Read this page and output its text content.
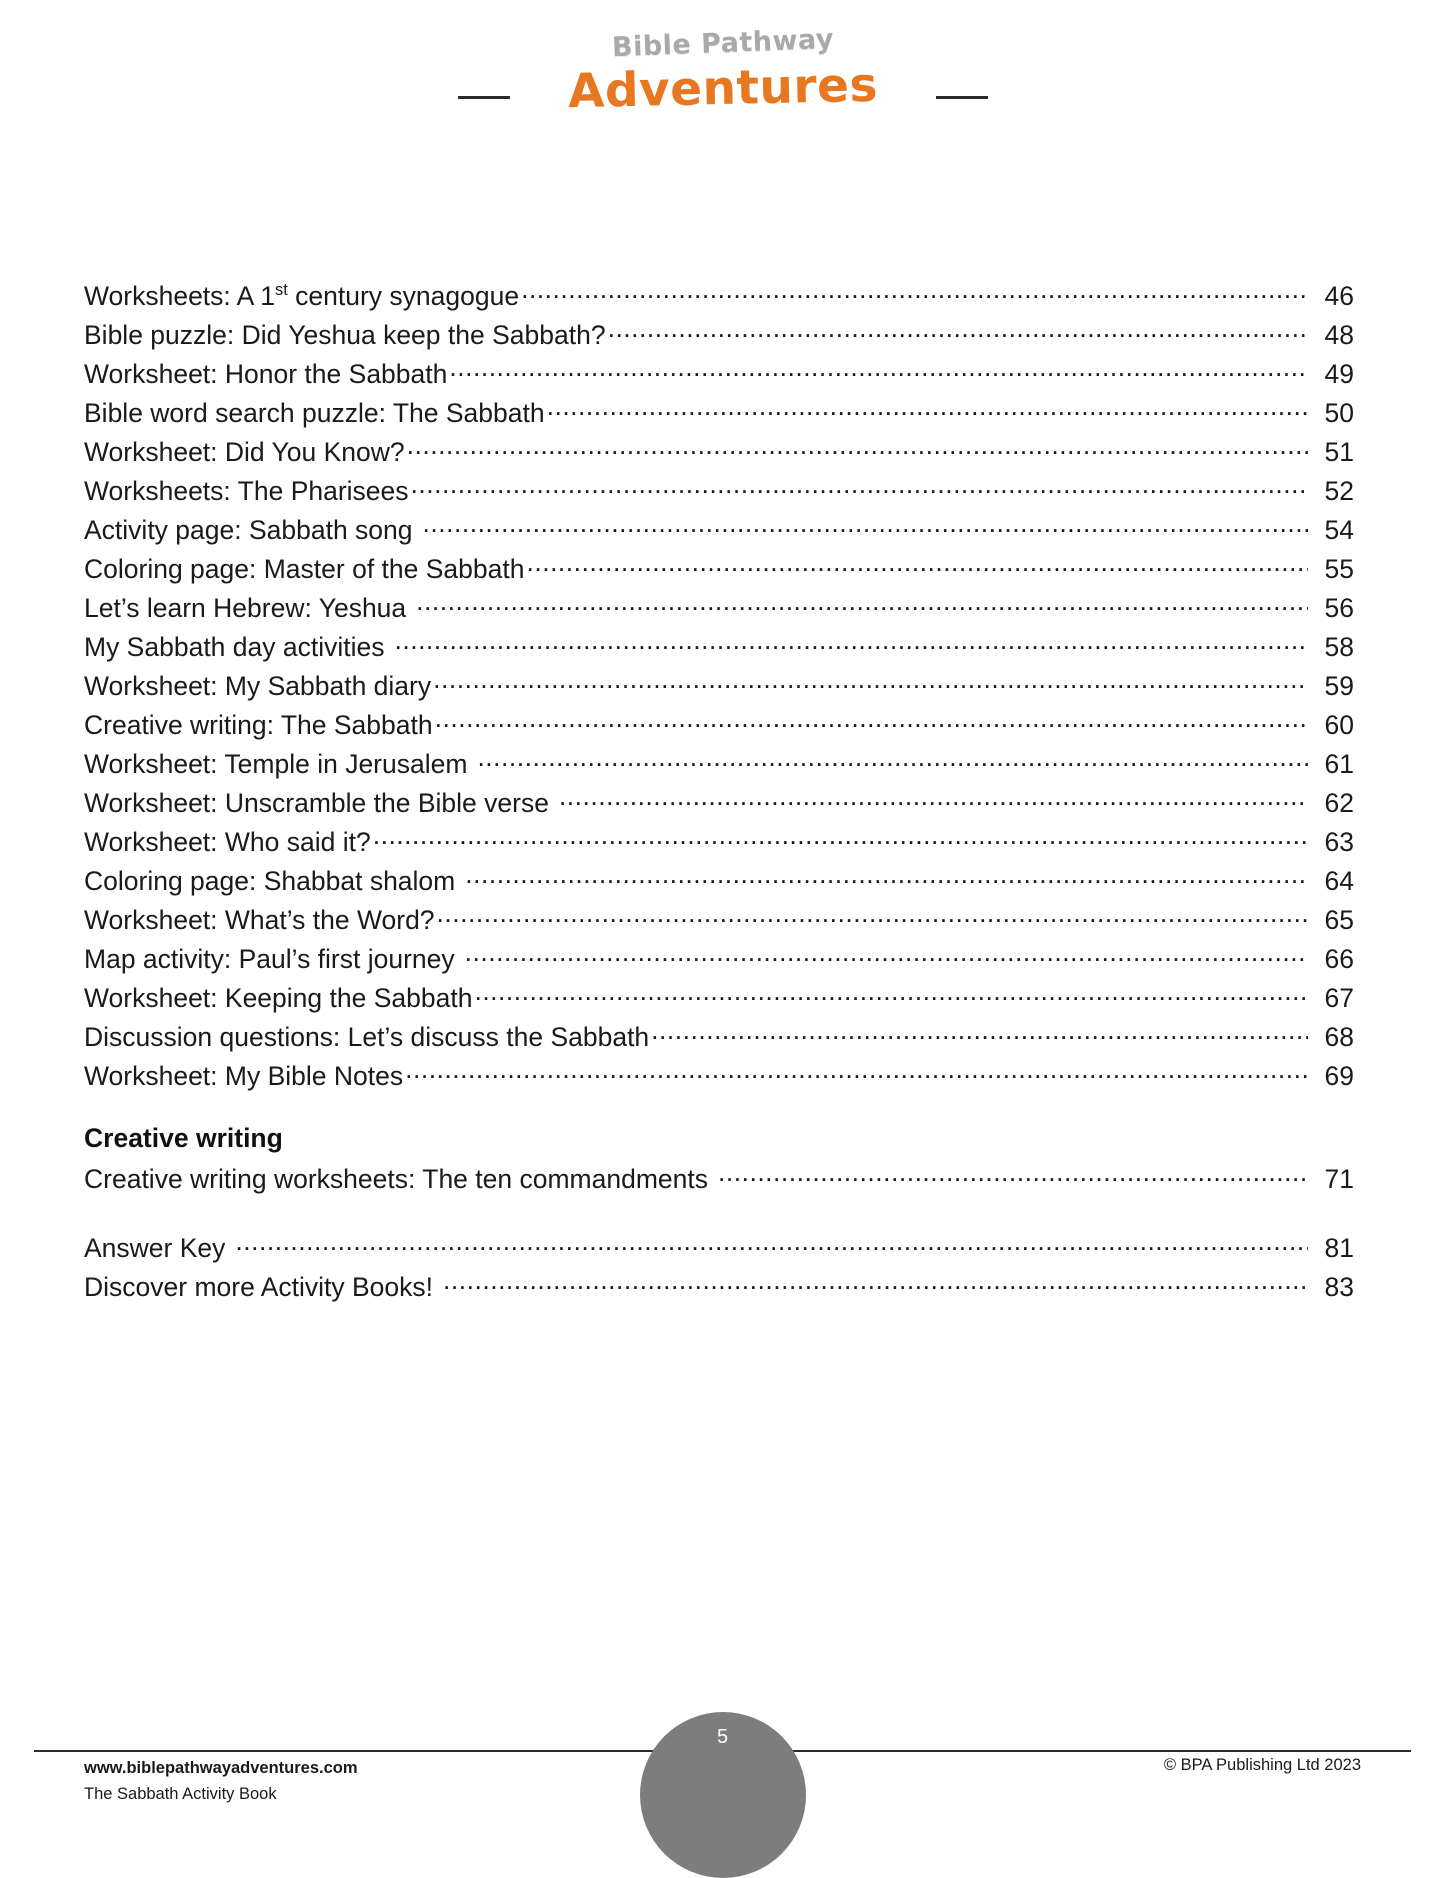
Bible Pathway
Adventures
Worksheets: A 1st century synagogue .....	46
Bible puzzle: Did Yeshua keep the Sabbath? .....	48
Worksheet: Honor the Sabbath .....	49
Bible word search puzzle: The Sabbath .....	50
Worksheet: Did You Know? .....	51
Worksheets: The Pharisees .....	52
Activity page: Sabbath song .....	54
Coloring page: Master of the Sabbath .....	55
Let’s learn Hebrew: Yeshua .....	56
My Sabbath day activities .....	58
Worksheet: My Sabbath diary .....	59
Creative writing: The Sabbath .....	60
Worksheet: Temple in Jerusalem .....	61
Worksheet: Unscramble the Bible verse .....	62
Worksheet: Who said it? .....	63
Coloring page: Shabbat shalom .....	64
Worksheet: What’s the Word? .....	65
Map activity: Paul’s first journey .....	66
Worksheet: Keeping the Sabbath .....	67
Discussion questions: Let’s discuss the Sabbath .....	68
Worksheet: My Bible Notes .....	69
Creative writing
Creative writing worksheets: The ten commandments .....	71
Answer Key .....	81
Discover more Activity Books! .....	83
www.biblepathwayadventures.com
The Sabbath Activity Book
© BPA Publishing Ltd 2023
5
